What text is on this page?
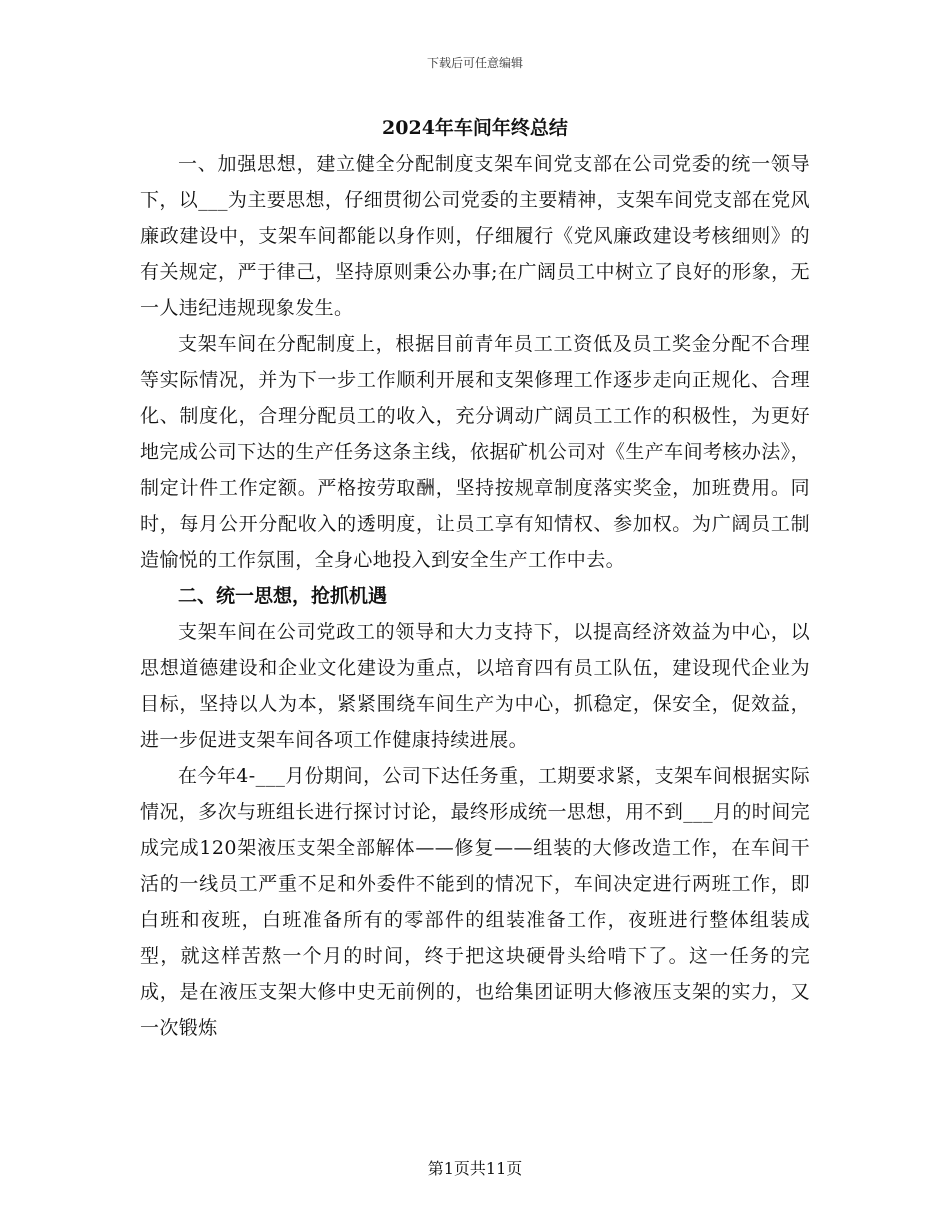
下载后可任意编辑
2024年车间年终总结

一、加强思想，建立健全分配制度支架车间党支部在公司党委的统一领导下，以___为主要思想，仔细贯彻公司党委的主要精神，支架车间党支部在党风廉政建设中，支架车间都能以身作则，仔细履行《党风廉政建设考核细则》的有关规定，严于律己，坚持原则秉公办事;在广阔员工中树立了良好的形象，无一人违纪违规现象发生。

支架车间在分配制度上，根据目前青年员工工资低及员工奖金分配不合理等实际情况，并为下一步工作顺利开展和支架修理工作逐步走向正规化、合理化、制度化，合理分配员工的收入，充分调动广阔员工工作的积极性，为更好地完成公司下达的生产任务这条主线，依据矿机公司对《生产车间考核办法》，制定计件工作定额。严格按劳取酬，坚持按规章制度落实奖金，加班费用。同时，每月公开分配收入的透明度，让员工享有知情权、参加权。为广阔员工制造愉悦的工作氛围，全身心地投入到安全生产工作中去。

二、统一思想，抢抓机遇

支架车间在公司党政工的领导和大力支持下，以提高经济效益为中心，以思想道德建设和企业文化建设为重点，以培育四有员工队伍，建设现代企业为目标，坚持以人为本，紧紧围绕车间生产为中心，抓稳定，保安全，促效益，进一步促进支架车间各项工作健康持续进展。

在今年4-___月份期间，公司下达任务重，工期要求紧，支架车间根据实际情况，多次与班组长进行探讨讨论，最终形成统一思想，用不到___月的时间完成完成120架液压支架全部解体——修复——组装的大修改造工作，在车间干活的一线员工严重不足和外委件不能到的情况下，车间决定进行两班工作，即白班和夜班，白班准备所有的零部件的组装准备工作，夜班进行整体组装成型，就这样苦熬一个月的时间，终于把这块硬骨头给啃下了。这一任务的完成，是在液压支架大修中史无前例的，也给集团证明大修液压支架的实力，又一次锻炼

第1页共11页
